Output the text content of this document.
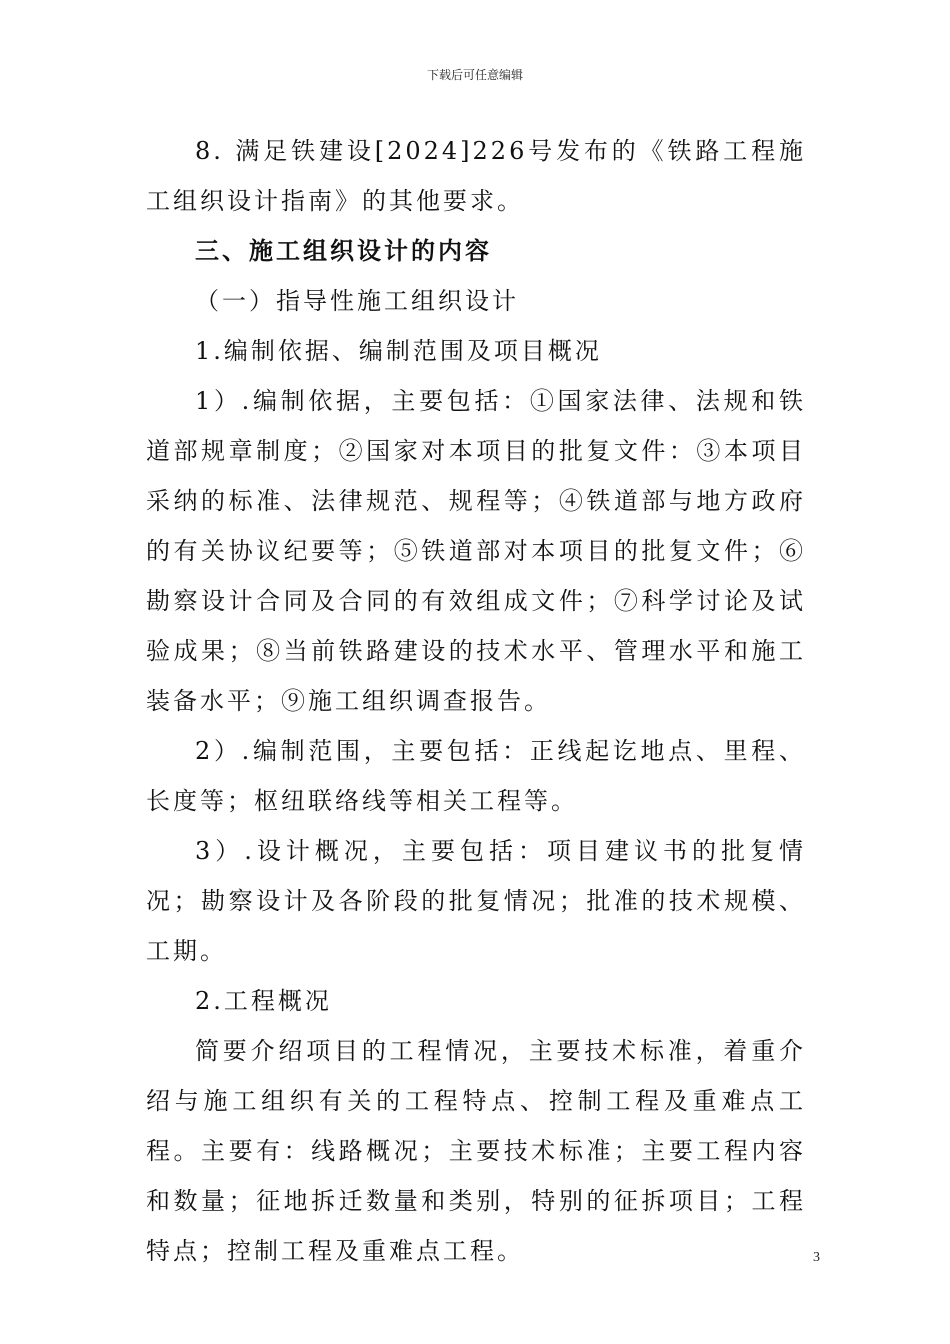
下载后可任意编辑

8. 满足铁建设[2024]226号发布的《铁路工程施工组织设计指南》的其他要求。

三、施工组织设计的内容

（一）指导性施工组织设计

1.编制依据、编制范围及项目概况

1）.编制依据，主要包括：①国家法律、法规和铁道部规章制度；②国家对本项目的批复文件：③本项目采纳的标准、法律规范、规程等；④铁道部与地方政府的有关协议纪要等；⑤铁道部对本项目的批复文件；⑥勘察设计合同及合同的有效组成文件；⑦科学讨论及试验成果；⑧当前铁路建设的技术水平、管理水平和施工装备水平；⑨施工组织调查报告。

2）.编制范围，主要包括：正线起讫地点、里程、长度等；枢纽联络线等相关工程等。

3）.设计概况，主要包括：项目建议书的批复情况；勘察设计及各阶段的批复情况；批准的技术规模、工期。

2.工程概况

简要介绍项目的工程情况，主要技术标准，着重介绍与施工组织有关的工程特点、控制工程及重难点工程。主要有：线路概况；主要技术标准；主要工程内容和数量；征地拆迁数量和类别，特别的征拆项目；工程特点；控制工程及重难点工程。	3
